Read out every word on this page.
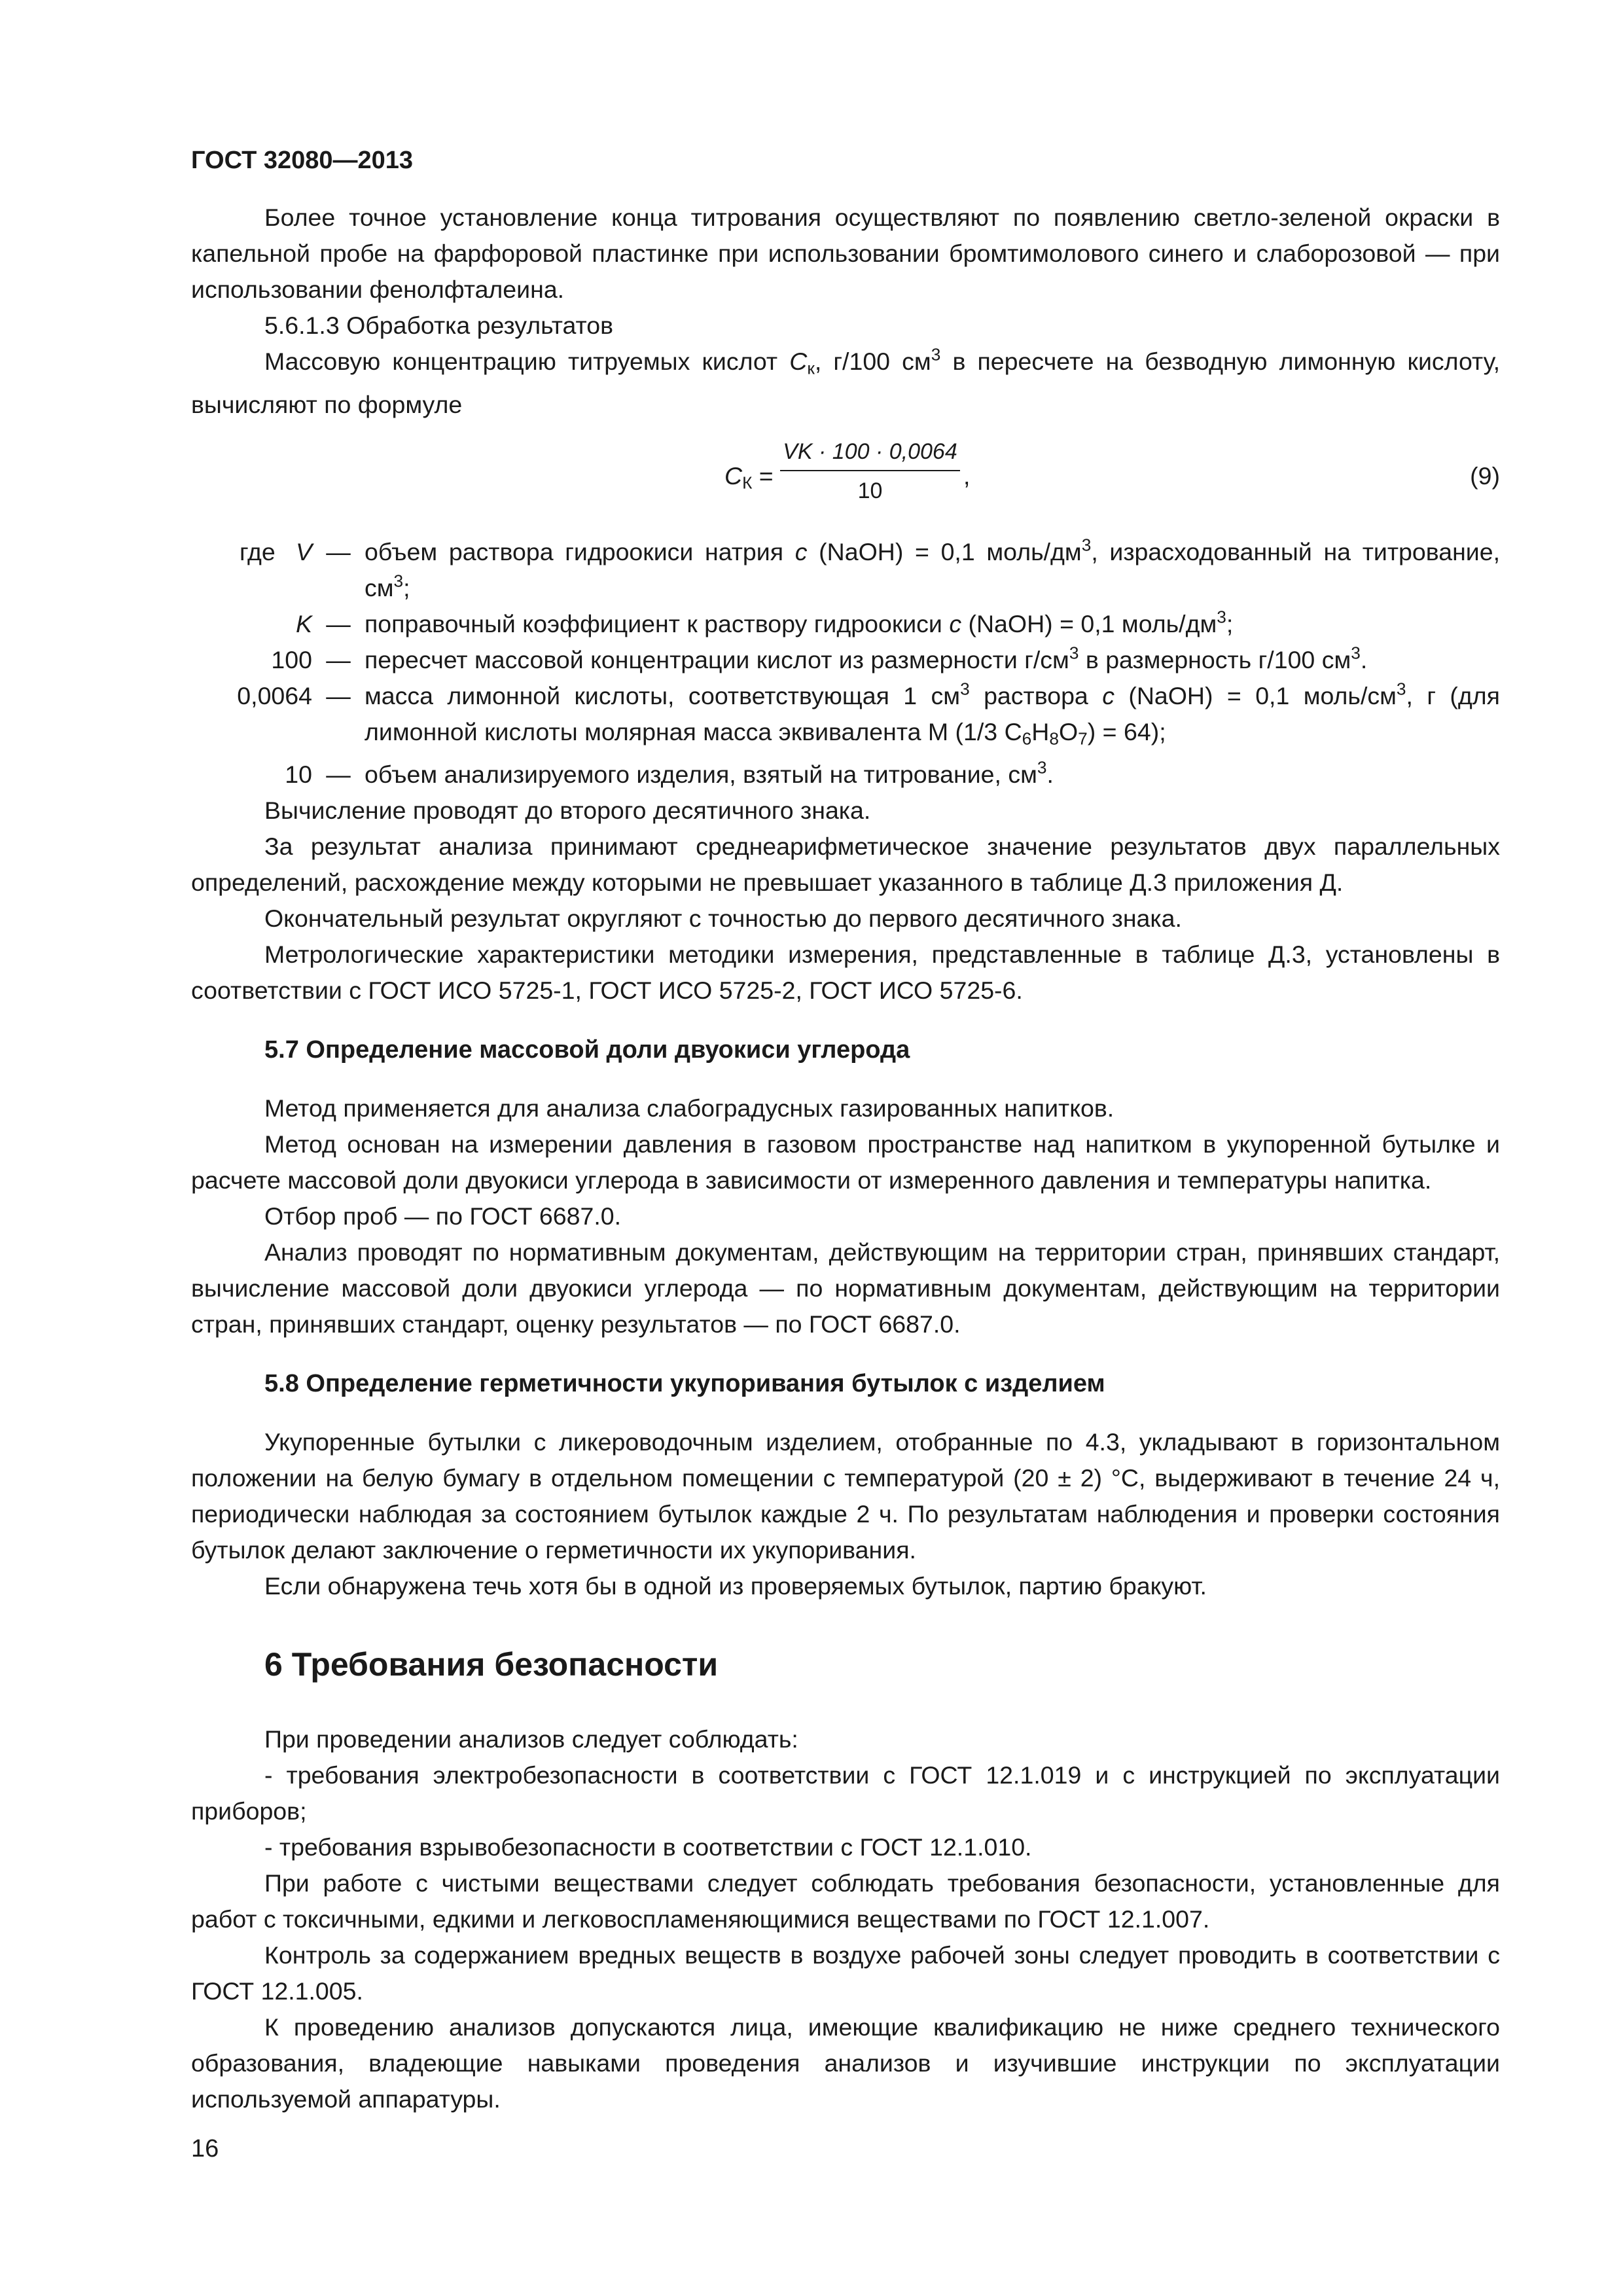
ГОСТ 32080—2013

Более точное установление конца титрования осуществляют по появлению светло-зеленой окраски в капельной пробе на фарфоровой пластинке при использовании бромтимолового синего и слаборозовой — при использовании фенолфталеина.

5.6.1.3 Обработка результатов

Массовую концентрацию титруемых кислот $C_к$, г/100 $см^3$ в пересчете на безводную лимонную кислоту, вычисляют по формуле

$C_К = \frac{VK \cdot 100 \cdot 0,0064}{10}$ ,	(9)
где V — объем раствора гидроокиси натрия c (NaOH) = 0,1 моль/$дм^3$, израсходованный на титрование, $см^3$;
K — поправочный коэффициент к раствору гидроокиси c (NaOH) = 0,1 моль/$дм^3$;
100 — пересчет массовой концентрации кислот из размерности $г/см^3$ в размерность г/100 $см^3$.
0,0064 — масса лимонной кислоты, соответствующая 1 $см^3$ раствора c (NaOH) = 0,1 моль/$см^3$, г (для лимонной кислоты молярная масса эквивалента М (1/3 $C_6H_8O_7) = 64$);
10 — объем анализируемого изделия, взятый на титрование, $см^3$.

Вычисление проводят до второго десятичного знака.

За результат анализа принимают среднеарифметическое значение результатов двух параллельных определений, расхождение между которыми не превышает указанного в таблице Д.3 приложения Д.

Окончательный результат округляют с точностью до первого десятичного знака.

Метрологические характеристики методики измерения, представленные в таблице Д.3, установлены в соответствии с ГОСТ ИСО 5725-1, ГОСТ ИСО 5725-2, ГОСТ ИСО 5725-6.

5.7 Определение массовой доли двуокиси углерода

Метод применяется для анализа слабоградусных газированных напитков.

Метод основан на измерении давления в газовом пространстве над напитком в укупоренной бутылке и расчете массовой доли двуокиси углерода в зависимости от измеренного давления и температуры напитка.

Отбор проб — по ГОСТ 6687.0.

Анализ проводят по нормативным документам, действующим на территории стран, принявших стандарт, вычисление массовой доли двуокиси углерода — по нормативным документам, действующим на территории стран, принявших стандарт, оценку результатов — по ГОСТ 6687.0.

5.8 Определение герметичности укупоривания бутылок с изделием

Укупоренные бутылки с ликероводочным изделием, отобранные по 4.3, укладывают в горизонтальном положении на белую бумагу в отдельном помещении с температурой (20 ± 2) °С, выдерживают в течение 24 ч, периодически наблюдая за состоянием бутылок каждые 2 ч. По результатам наблюдения и проверки состояния бутылок делают заключение о герметичности их укупоривания.

Если обнаружена течь хотя бы в одной из проверяемых бутылок, партию бракуют.

6 Требования безопасности

При проведении анализов следует соблюдать:

- требования электробезопасности в соответствии с ГОСТ 12.1.019 и с инструкцией по эксплуатации приборов;

- требования взрывобезопасности в соответствии с ГОСТ 12.1.010.

При работе с чистыми веществами следует соблюдать требования безопасности, установленные для работ с токсичными, едкими и легковоспламеняющимися веществами по ГОСТ 12.1.007.

Контроль за содержанием вредных веществ в воздухе рабочей зоны следует проводить в соответствии с ГОСТ 12.1.005.

К проведению анализов допускаются лица, имеющие квалификацию не ниже среднего технического образования, владеющие навыками проведения анализов и изучившие инструкции по эксплуатации используемой аппаратуры.

16
